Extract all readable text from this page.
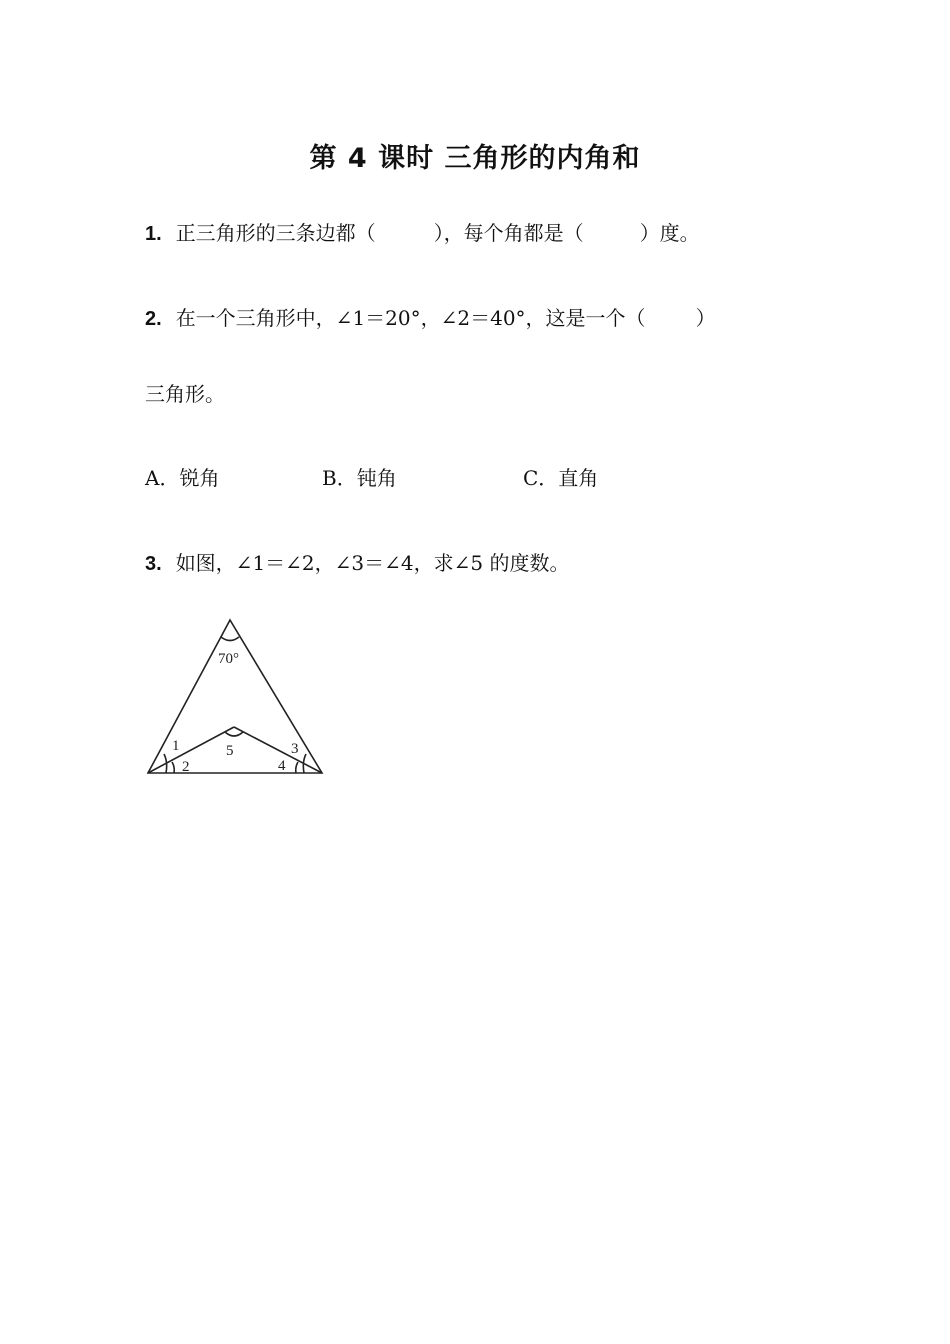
第 4 课时 三角形的内角和
1. 正三角形的三条边都（	），每个角都是（	）度。
2. 在一个三角形中，∠1＝20°，∠2＝40°，这是一个（	）
三角形。
A．锐角	B．钝角	C．直角
3. 如图，∠1＝∠2，∠3＝∠4，求∠5 的度数。
70°
1
2
3
4
5
